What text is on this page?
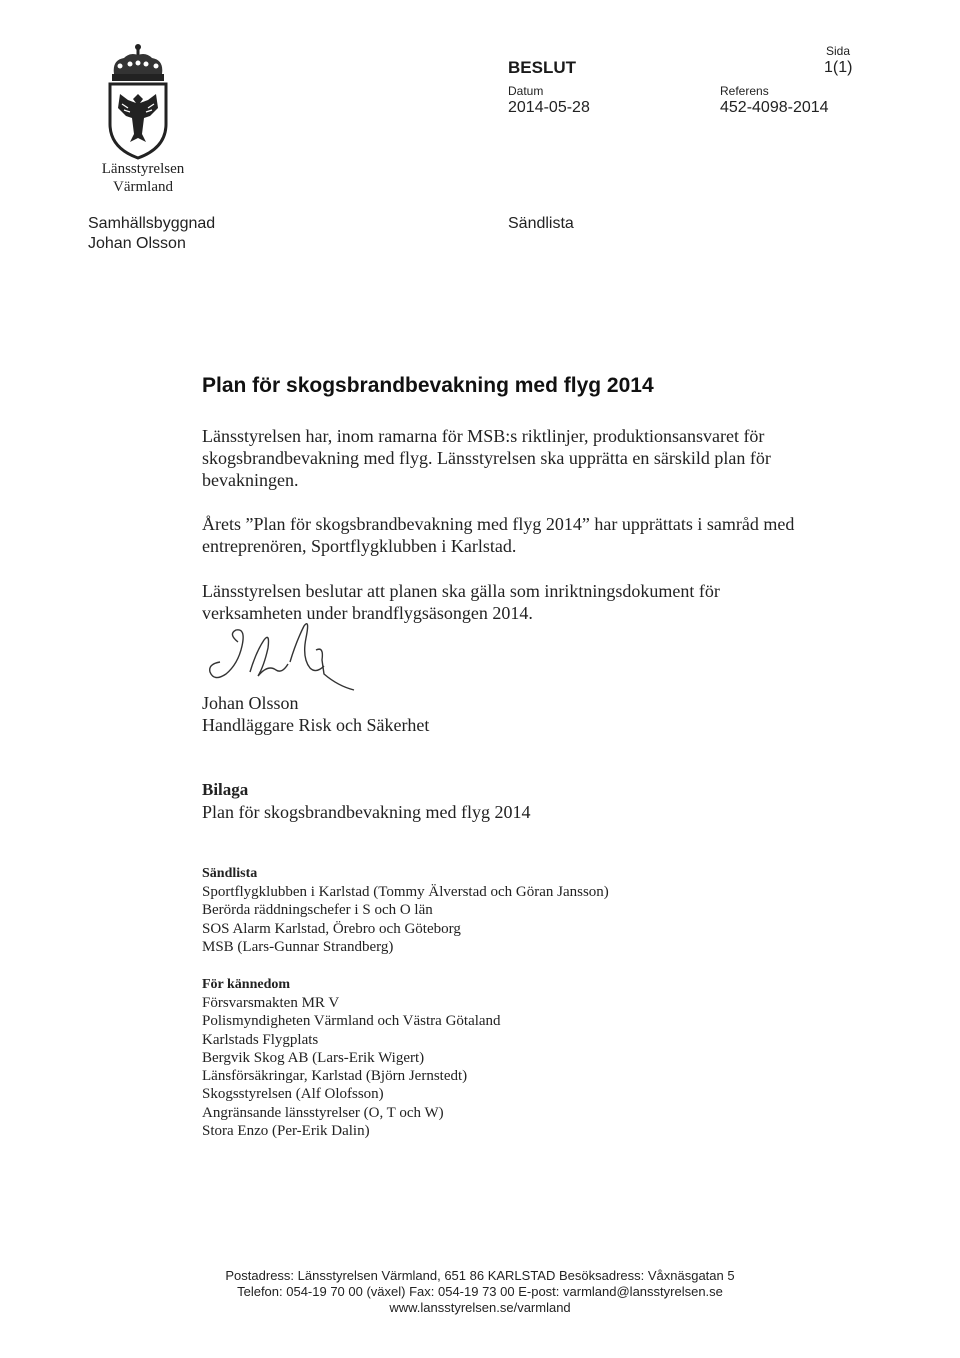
Länsstyrelsen
Värmland
Samhällsbyggnad
Johan Olsson
BESLUT
Datum
2014-05-28
Referens
452-4098-2014
Sida
1(1)
Sändlista
Plan för skogsbrandbevakning med flyg 2014
Länsstyrelsen har, inom ramarna för MSB:s riktlinjer, produktionsansvaret för skogsbrandbevakning med flyg. Länsstyrelsen ska upprätta en särskild plan för bevakningen.
Årets ”Plan för skogsbrandbevakning med flyg 2014” har upprättats i samråd med entreprenören, Sportflygklubben i Karlstad.
Länsstyrelsen beslutar att planen ska gälla som inriktningsdokument för verksamheten under brandflygsäsongen 2014.
Johan Olsson
Handläggare Risk och Säkerhet
Bilaga
Plan för skogsbrandbevakning med flyg 2014
Sändlista
Sportflygklubben i Karlstad (Tommy Älverstad och Göran Jansson)
Berörda räddningschefer i S och O län
SOS Alarm Karlstad, Örebro och Göteborg
MSB (Lars-Gunnar Strandberg)
För kännedom
Försvarsmakten MR V
Polismyndigheten Värmland och Västra Götaland
Karlstads Flygplats
Bergvik Skog AB (Lars-Erik Wigert)
Länsförsäkringar, Karlstad (Björn Jernstedt)
Skogsstyrelsen (Alf Olofsson)
Angränsande länsstyrelser (O, T och W)
Stora Enzo (Per-Erik Dalin)
Postadress: Länsstyrelsen Värmland, 651 86 KARLSTAD Besöksadress: Våxnäsgatan 5
Telefon: 054-19 70 00 (växel) Fax: 054-19 73 00 E-post: varmland@lansstyrelsen.se
www.lansstyrelsen.se/varmland
